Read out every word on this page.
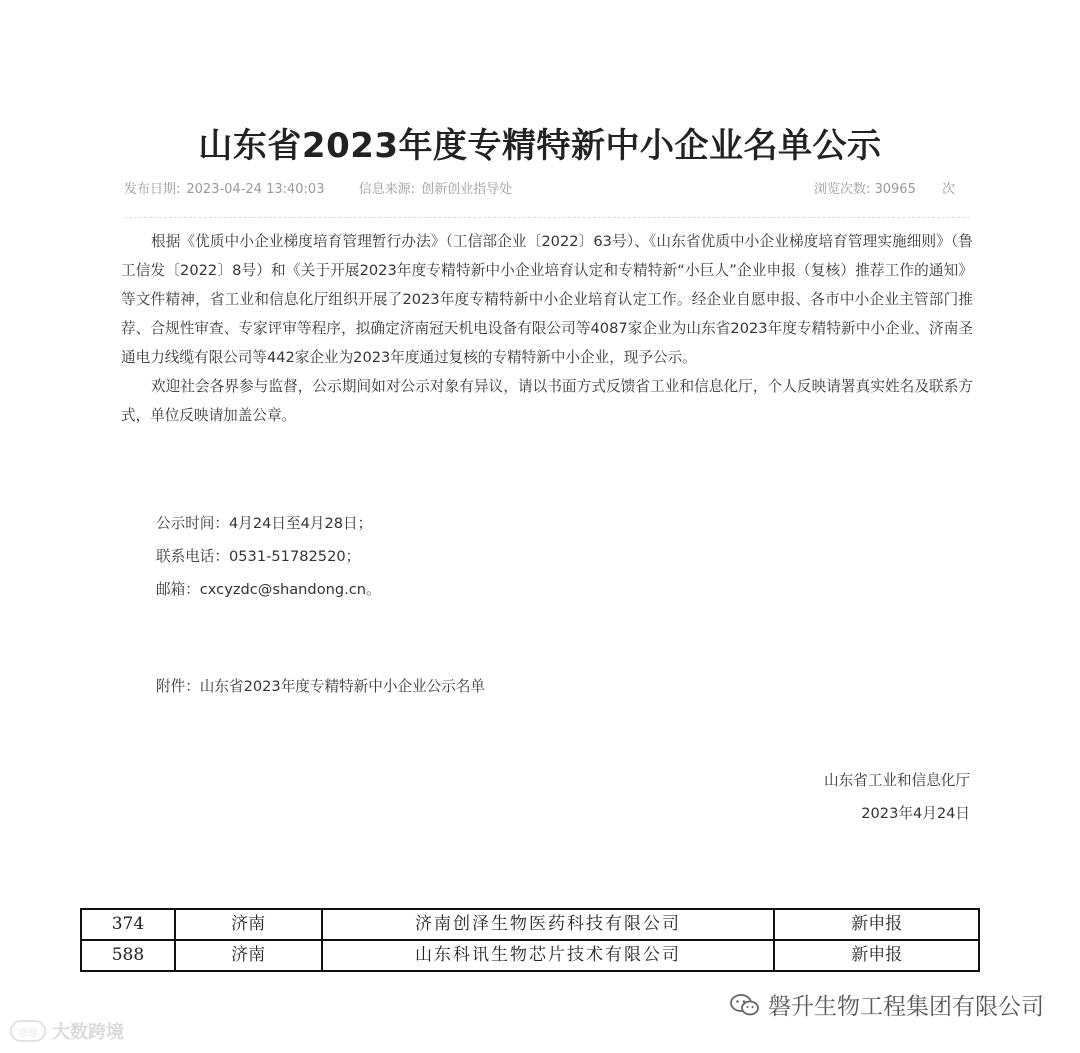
山东省2023年度专精特新中小企业名单公示
发布日期: 2023-04-24 13:40:03	信息来源: 创新创业指导处	浏览次数: 30965 次

根据《优质中小企业梯度培育管理暂行办法》（工信部企业〔2022〕63号）、《山东省优质中小企业梯度培育管理实施细则》（鲁工信发〔2022〕8号）和《关于开展2023年度专精特新中小企业培育认定和专精特新“小巨人”企业申报（复核）推荐工作的通知》等文件精神，省工业和信息化厅组织开展了2023年度专精特新中小企业培育认定工作。经企业自愿申报、各市中小企业主管部门推荐、合规性审查、专家评审等程序，拟确定济南冠天机电设备有限公司等4087家企业为山东省2023年度专精特新中小企业、济南圣通电力线缆有限公司等442家企业为2023年度通过复核的专精特新中小企业，现予公示。

欢迎社会各界参与监督，公示期间如对公示对象有异议，请以书面方式反馈省工业和信息化厅，个人反映请署真实姓名及联系方式，单位反映请加盖公章。

公示时间：4月24日至4月28日；
联系电话：0531-51782520；
邮箱：cxcyzdc@shandong.cn。
附件：山东省2023年度专精特新中小企业公示名单
山东省工业和信息化厅
2023年4月24日
374	济南	济南创泽生物医药科技有限公司	新申报
588	济南	山东科讯生物芯片技术有限公司	新申报
磐升生物工程集团有限公司
◎◎ 大数跨境
